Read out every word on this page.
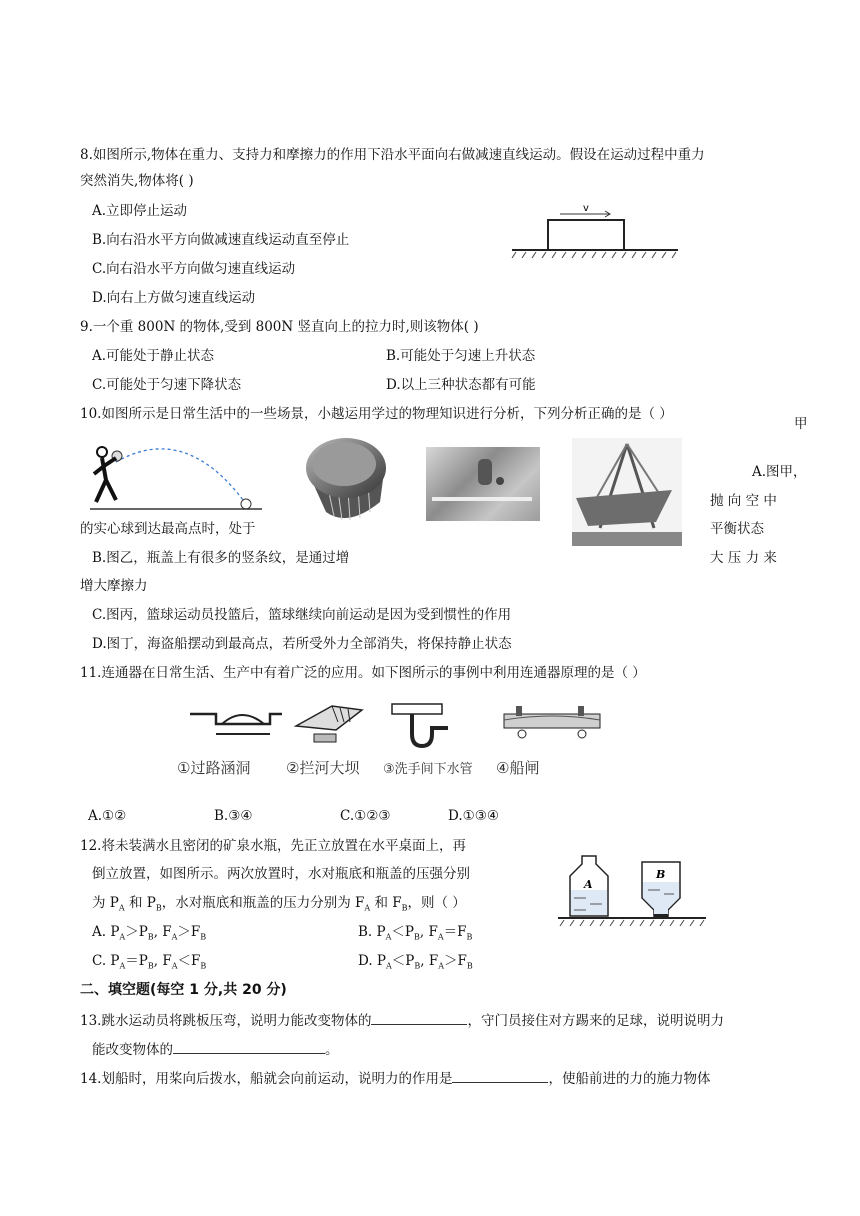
8.如图所示,物体在重力、支持力和摩擦力的作用下沿水平面向右做减速直线运动。假设在运动过程中重力
突然消失,物体将( )
A.立即停止运动
B.向右沿水平方向做减速直线运动直至停止
C.向右沿水平方向做匀速直线运动
D.向右上方做匀速直线运动
v
9.一个重 800N 的物体,受到 800N 竖直向上的拉力时,则该物体( )
A.可能处于静止状态	B.可能处于匀速上升状态
C.可能处于匀速下降状态	D.以上三种状态都有可能
10.如图所示是日常生活中的一些场景，小越运用学过的物理知识进行分析，下列分析正确的是（ ）
甲
A.图甲，
抛 向 空 中
平衡状态
的实心球到达最高点时，处于
B.图乙，瓶盖上有很多的竖条纹，是通过增	大 压 力 来
增大摩擦力
C.图丙，篮球运动员投篮后，篮球继续向前运动是因为受到惯性的作用
D.图丁，海盗船摆动到最高点，若所受外力全部消失，将保持静止状态
11.连通器在日常生活、生产中有着广泛的应用。如下图所示的事例中利用连通器原理的是（ ）
①过路涵洞 ②拦河大坝 ③洗手间下水管 ④船闸
A.①②	B.③④	C.①②③	D.①③④
12.将未装满水且密闭的矿泉水瓶，先正立放置在水平桌面上，再
倒立放置，如图所示。两次放置时，水对瓶底和瓶盖的压强分别
为 $P_A$ 和 $P_B$，水对瓶底和瓶盖的压力分别为 $F_A$ 和 $F_B$，则（ ）
A. $P_A>P_B$, $F_A>F_B$	B. $P_A<P_B$, $F_A=F_B$
C. $P_A=P_B$, $F_A<F_B$	D. $P_A<P_B$, $F_A>F_B$
A
B
二、填空题(每空 1 分,共 20 分)
13.跳水运动员将跳板压弯，说明力能改变物体的	，守门员接住对方踢来的足球，说明说明力
能改变物体的	。
14.划船时，用桨向后拨水，船就会向前运动，说明力的作用是	，使船前进的力的施力物体
